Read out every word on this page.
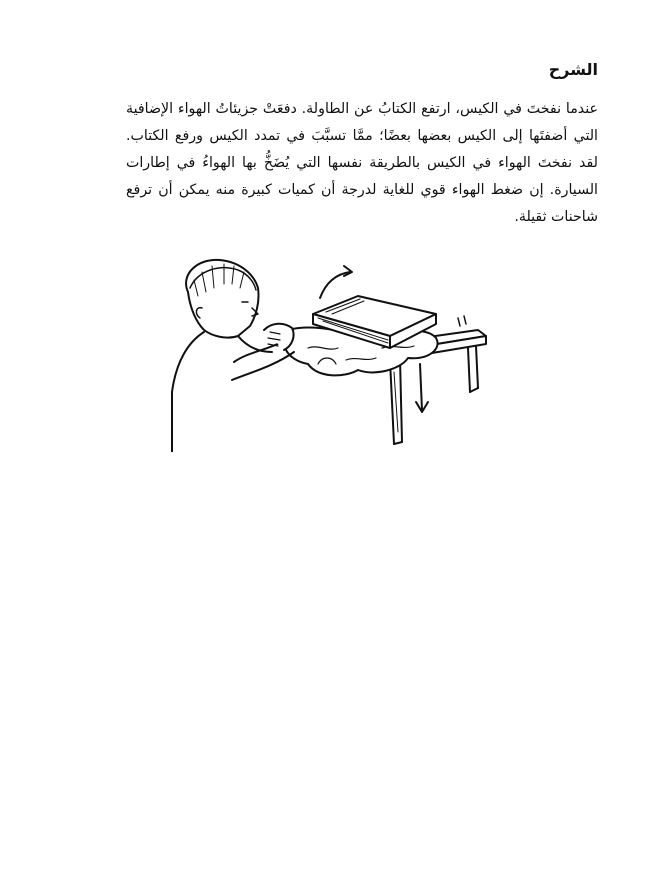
الشرح

عندما نفختَ في الكيس، ارتفع الكتابُ عن الطاولة. دفعَتْ جزيئاتُ الهواء الإضافية التي أضفتَها إلى الكيس بعضها بعضًا؛ ممَّا تسبَّبَ في تمدد الكيس ورفع الكتاب. لقد نفختَ الهواء في الكيس بالطريقة نفسها التي يُضَخُّ بها الهواءُ في إطارات السيارة. إن ضغط الهواء قوي للغاية لدرجة أن كميات كبيرة منه يمكن أن ترفع شاحنات ثقيلة.
